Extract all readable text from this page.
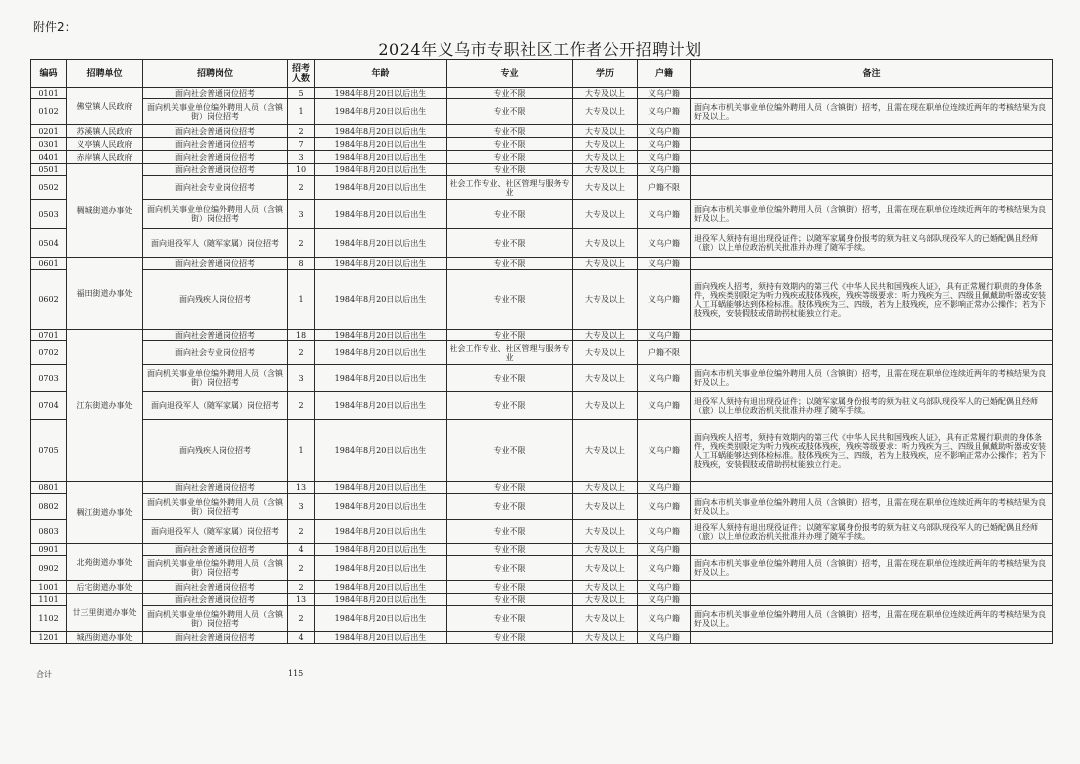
附件2：
2024年义乌市专职社区工作者公开招聘计划
编码	招聘单位	招聘岗位	招考人数	年龄	专业	学历	户籍	备注
0101	佛堂镇人民政府	面向社会普通岗位招考	5	1984年8月20日以后出生	专业不限	大专及以上	义乌户籍	
0102		面向机关事业单位编外聘用人员（含镇街）岗位招考	1	1984年8月20日以后出生	专业不限	大专及以上	义乌户籍	面向本市机关事业单位编外聘用人员（含镇街）招考，且需在现在职单位连续近两年的考核结果为良好及以上。
0201	苏溪镇人民政府	面向社会普通岗位招考	2	1984年8月20日以后出生	专业不限	大专及以上	义乌户籍	
0301	义亭镇人民政府	面向社会普通岗位招考	7	1984年8月20日以后出生	专业不限	大专及以上	义乌户籍	
0401	赤岸镇人民政府	面向社会普通岗位招考	3	1984年8月20日以后出生	专业不限	大专及以上	义乌户籍	
0501	稠城街道办事处	面向社会普通岗位招考	10	1984年8月20日以后出生	专业不限	大专及以上	义乌户籍	
0502		面向社会专业岗位招考	2	1984年8月20日以后出生	社会工作专业、社区管理与服务专业	大专及以上	户籍不限	
0503		面向机关事业单位编外聘用人员（含镇街）岗位招考	3	1984年8月20日以后出生	专业不限	大专及以上	义乌户籍	面向本市机关事业单位编外聘用人员（含镇街）招考，且需在现在职单位连续近两年的考核结果为良好及以上。
0504		面向退役军人（随军家属）岗位招考	2	1984年8月20日以后出生	专业不限	大专及以上	义乌户籍	退役军人须持有退出现役证件；以随军家属身份报考的须为驻义乌部队现役军人的已婚配偶且经师（旅）以上单位政治机关批准并办理了随军手续。
0601	福田街道办事处	面向社会普通岗位招考	8	1984年8月20日以后出生	专业不限	大专及以上	义乌户籍	
0602		面向残疾人岗位招考	1	1984年8月20日以后出生	专业不限	大专及以上	义乌户籍	面向残疾人招考，须持有效期内的第三代《中华人民共和国残疾人证》，具有正常履行职责的身体条件，残疾类别限定为听力残疾或肢体残疾，残疾等级要求：听力残疾为三、四级且佩戴助听器或安装人工耳蜗能够达到体检标准。肢体残疾为三、四级，若为上肢残疾，应不影响正常办公操作；若为下肢残疾，安装假肢或借助拐杖能独立行走。
0701	江东街道办事处	面向社会普通岗位招考	18	1984年8月20日以后出生	专业不限	大专及以上	义乌户籍	
0702		面向社会专业岗位招考	2	1984年8月20日以后出生	社会工作专业、社区管理与服务专业	大专及以上	户籍不限	
0703		面向机关事业单位编外聘用人员（含镇街）岗位招考	3	1984年8月20日以后出生	专业不限	大专及以上	义乌户籍	面向本市机关事业单位编外聘用人员（含镇街）招考，且需在现在职单位连续近两年的考核结果为良好及以上。
0704		面向退役军人（随军家属）岗位招考	2	1984年8月20日以后出生	专业不限	大专及以上	义乌户籍	退役军人须持有退出现役证件；以随军家属身份报考的须为驻义乌部队现役军人的已婚配偶且经师（旅）以上单位政治机关批准并办理了随军手续。
0705		面向残疾人岗位招考	1	1984年8月20日以后出生	专业不限	大专及以上	义乌户籍	面向残疾人招考，须持有效期内的第三代《中华人民共和国残疾人证》，具有正常履行职责的身体条件，残疾类别限定为听力残疾或肢体残疾，残疾等级要求：听力残疾为三、四级且佩戴助听器或安装人工耳蜗能够达到体检标准。肢体残疾为三、四级，若为上肢残疾，应不影响正常办公操作；若为下肢残疾，安装假肢或借助拐杖能独立行走。
0801	稠江街道办事处	面向社会普通岗位招考	13	1984年8月20日以后出生	专业不限	大专及以上	义乌户籍	
0802		面向机关事业单位编外聘用人员（含镇街）岗位招考	3	1984年8月20日以后出生	专业不限	大专及以上	义乌户籍	面向本市机关事业单位编外聘用人员（含镇街）招考，且需在现在职单位连续近两年的考核结果为良好及以上。
0803		面向退役军人（随军家属）岗位招考	2	1984年8月20日以后出生	专业不限	大专及以上	义乌户籍	退役军人须持有退出现役证件；以随军家属身份报考的须为驻义乌部队现役军人的已婚配偶且经师（旅）以上单位政治机关批准并办理了随军手续。
0901	北苑街道办事处	面向社会普通岗位招考	4	1984年8月20日以后出生	专业不限	大专及以上	义乌户籍	
0902		面向机关事业单位编外聘用人员（含镇街）岗位招考	2	1984年8月20日以后出生	专业不限	大专及以上	义乌户籍	面向本市机关事业单位编外聘用人员（含镇街）招考，且需在现在职单位连续近两年的考核结果为良好及以上。
1001	后宅街道办事处	面向社会普通岗位招考	2	1984年8月20日以后出生	专业不限	大专及以上	义乌户籍	
1101	廿三里街道办事处	面向社会普通岗位招考	13	1984年8月20日以后出生	专业不限	大专及以上	义乌户籍	
1102		面向机关事业单位编外聘用人员（含镇街）岗位招考	2	1984年8月20日以后出生	专业不限	大专及以上	义乌户籍	面向本市机关事业单位编外聘用人员（含镇街）招考，且需在现在职单位连续近两年的考核结果为良好及以上。
1201	城西街道办事处	面向社会普通岗位招考	4	1984年8月20日以后出生	专业不限	大专及以上	义乌户籍	
合计	115
